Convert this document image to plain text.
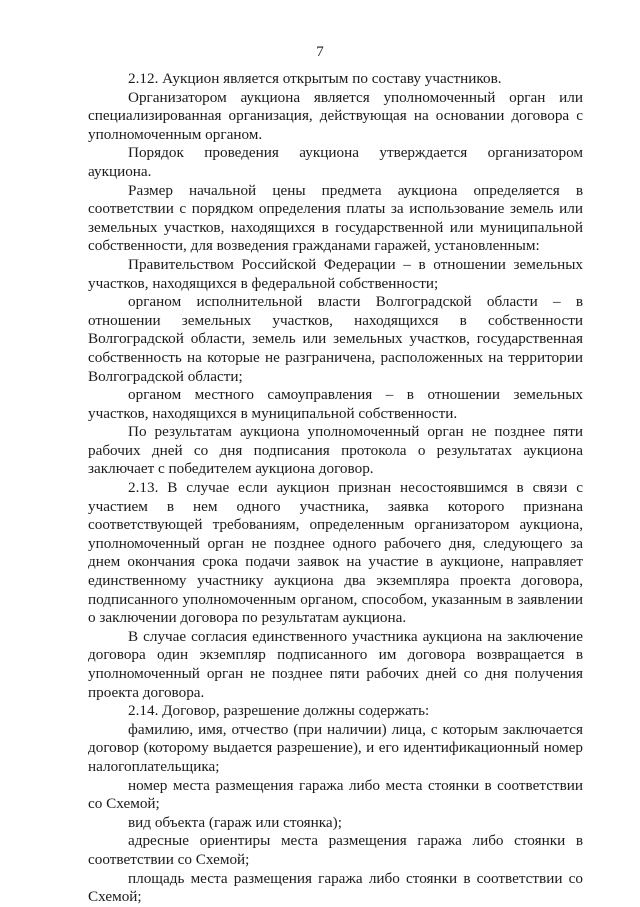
7

2.12. Аукцион является открытым по составу участников.

Организатором аукциона является уполномоченный орган или специализированная организация, действующая на основании договора с уполномоченным органом.

Порядок проведения аукциона утверждается организатором аукциона.

Размер начальной цены предмета аукциона определяется в соответствии с порядком определения платы за использование земель или земельных участков, находящихся в государственной или муниципальной собственности, для возведения гражданами гаражей, установленным:

Правительством Российской Федерации – в отношении земельных участков, находящихся в федеральной собственности;

органом исполнительной власти Волгоградской области – в отношении земельных участков, находящихся в собственности Волгоградской области, земель или земельных участков, государственная собственность на которые не разграничена, расположенных на территории Волгоградской области;

органом местного самоуправления – в отношении земельных участков, находящихся в муниципальной собственности.

По результатам аукциона уполномоченный орган не позднее пяти рабочих дней со дня подписания протокола о результатах аукциона заключает с победителем аукциона договор.

2.13. В случае если аукцион признан несостоявшимся в связи с участием в нем одного участника, заявка которого признана соответствующей требованиям, определенным организатором аукциона, уполномоченный орган не позднее одного рабочего дня, следующего за днем окончания срока подачи заявок на участие в аукционе, направляет единственному участнику аукциона два экземпляра проекта договора, подписанного уполномоченным органом, способом, указанным в заявлении о заключении договора по результатам аукциона.

В случае согласия единственного участника аукциона на заключение договора один экземпляр подписанного им договора возвращается в уполномоченный орган не позднее пяти рабочих дней со дня получения проекта договора.

2.14. Договор, разрешение должны содержать:

фамилию, имя, отчество (при наличии) лица, с которым заключается договор (которому выдается разрешение), и его идентификационный номер налогоплательщика;

номер места размещения гаража либо места стоянки в соответствии со Схемой;

вид объекта (гараж или стоянка);

адресные ориентиры места размещения гаража либо стоянки в соответствии со Схемой;

площадь места размещения гаража либо стоянки в соответствии со Схемой;
